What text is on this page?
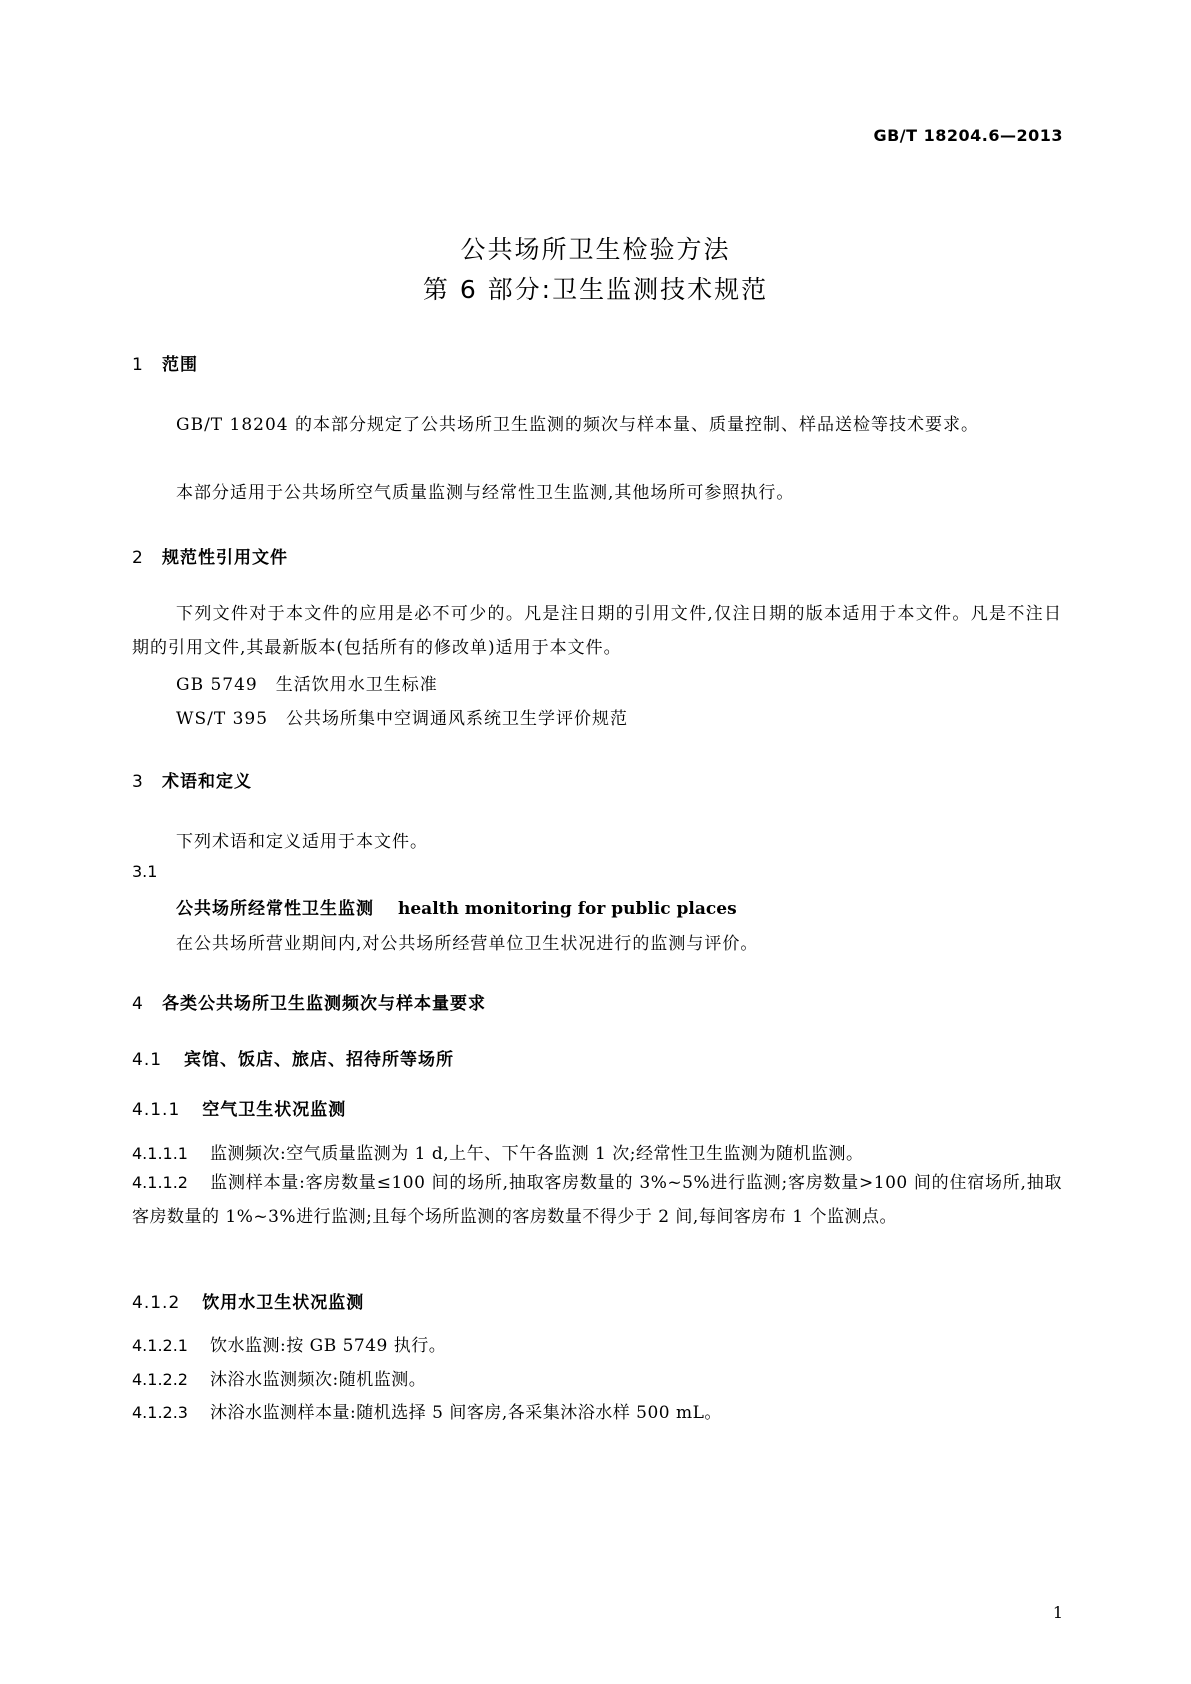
GB/T 18204.6—2013
公共场所卫生检验方法
第 6 部分:卫生监测技术规范
1 范围
GB/T 18204 的本部分规定了公共场所卫生监测的频次与样本量、质量控制、样品送检等技术要求。
本部分适用于公共场所空气质量监测与经常性卫生监测,其他场所可参照执行。
2 规范性引用文件
下列文件对于本文件的应用是必不可少的。凡是注日期的引用文件,仅注日期的版本适用于本文件。凡是不注日期的引用文件,其最新版本(包括所有的修改单)适用于本文件。
GB 5749 生活饮用水卫生标准
WS/T 395 公共场所集中空调通风系统卫生学评价规范
3 术语和定义
下列术语和定义适用于本文件。
3.1
公共场所经常性卫生监测 health monitoring for public places
在公共场所营业期间内,对公共场所经营单位卫生状况进行的监测与评价。
4 各类公共场所卫生监测频次与样本量要求
4.1 宾馆、饭店、旅店、招待所等场所
4.1.1 空气卫生状况监测
4.1.1.1 监测频次:空气质量监测为 1 d,上午、下午各监测 1 次;经常性卫生监测为随机监测。
4.1.1.2 监测样本量:客房数量≤100 间的场所,抽取客房数量的 3%~5%进行监测;客房数量>100 间的住宿场所,抽取客房数量的 1%~3%进行监测;且每个场所监测的客房数量不得少于 2 间,每间客房布 1 个监测点。
4.1.2 饮用水卫生状况监测
4.1.2.1 饮水监测:按 GB 5749 执行。
4.1.2.2 沐浴水监测频次:随机监测。
4.1.2.3 沐浴水监测样本量:随机选择 5 间客房,各采集沐浴水样 500 mL。
1
